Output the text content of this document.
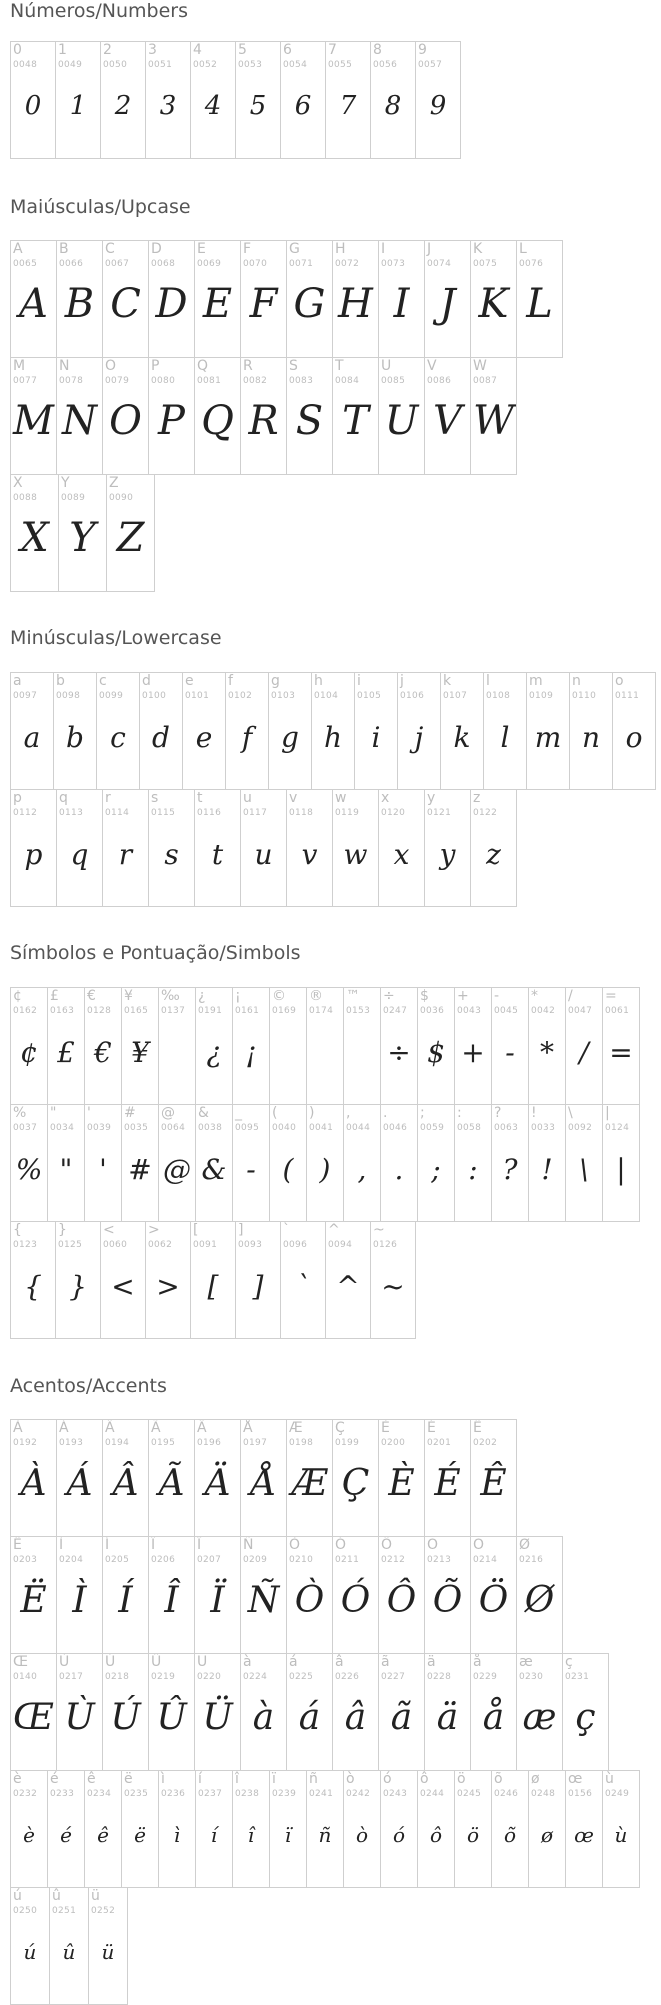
Números/Numbers
0
0048
0
1
0049
1
2
0050
2
3
0051
3
4
0052
4
5
0053
5
6
0054
6
7
0055
7
8
0056
8
9
0057
9
Maiúsculas/Upcase
A
0065
A
B
0066
B
C
0067
C
D
0068
D
E
0069
E
F
0070
F
G
0071
G
H
0072
H
I
0073
I
J
0074
J
K
0075
K
L
0076
L
M
0077
M
N
0078
N
O
0079
O
P
0080
P
Q
0081
Q
R
0082
R
S
0083
S
T
0084
T
U
0085
U
V
0086
V
W
0087
W
X
0088
X
Y
0089
Y
Z
0090
Z
Minúsculas/Lowercase
a
0097
a
b
0098
b
c
0099
c
d
0100
d
e
0101
e
f
0102
f
g
0103
g
h
0104
h
i
0105
i
j
0106
j
k
0107
k
l
0108
l
m
0109
m
n
0110
n
o
0111
o
p
0112
p
q
0113
q
r
0114
r
s
0115
s
t
0116
t
u
0117
u
v
0118
v
w
0119
w
x
0120
x
y
0121
y
z
0122
z
Símbolos e Pontuação/Simbols
¢
0162
¢
£
0163
£
€
0128
€
¥
0165
¥
‰
0137
¿
0191
¿
¡
0161
¡
©
0169
®
0174
™
0153
÷
0247
÷
$
0036
$
+
0043
+
-
0045
-
*
0042
*
/
0047
/
=
0061
=
%
0037
%
"
0034
"
'
0039
'
#
0035
#
@
0064
@
&
0038
&
_
0095
-
(
0040
(
)
0041
)
,
0044
,
.
0046
.
;
0059
;
:
0058
:
?
0063
?
!
0033
!
\
0092
\
|
0124
|
{
0123
{
}
0125
}
<
0060
<
>
0062
>
[
0091
[
]
0093
]
`
0096
`
^
0094
^
~
0126
~
Acentos/Accents
À
0192
À
Á
0193
Á
Â
0194
Â
Ã
0195
Ã
Ä
0196
Ä
Å
0197
Å
Æ
0198
Æ
Ç
0199
Ç
È
0200
È
É
0201
É
Ê
0202
Ê
Ë
0203
Ë
Ì
0204
Ì
Í
0205
Í
Î
0206
Î
Ï
0207
Ï
Ñ
0209
Ñ
Ò
0210
Ò
Ó
0211
Ó
Ô
0212
Ô
Õ
0213
Õ
Ö
0214
Ö
Ø
0216
Ø
Œ
0140
Œ
Ù
0217
Ù
Ú
0218
Ú
Û
0219
Û
Ü
0220
Ü
à
0224
à
á
0225
á
â
0226
â
ã
0227
ã
ä
0228
ä
å
0229
å
æ
0230
æ
ç
0231
ç
è
0232
è
é
0233
é
ê
0234
ê
ë
0235
ë
ì
0236
ì
í
0237
í
î
0238
î
ï
0239
ï
ñ
0241
ñ
ò
0242
ò
ó
0243
ó
ô
0244
ô
ö
0245
ö
õ
0246
õ
ø
0248
ø
œ
0156
œ
ù
0249
ù
ú
0250
ú
û
0251
û
ü
0252
ü
